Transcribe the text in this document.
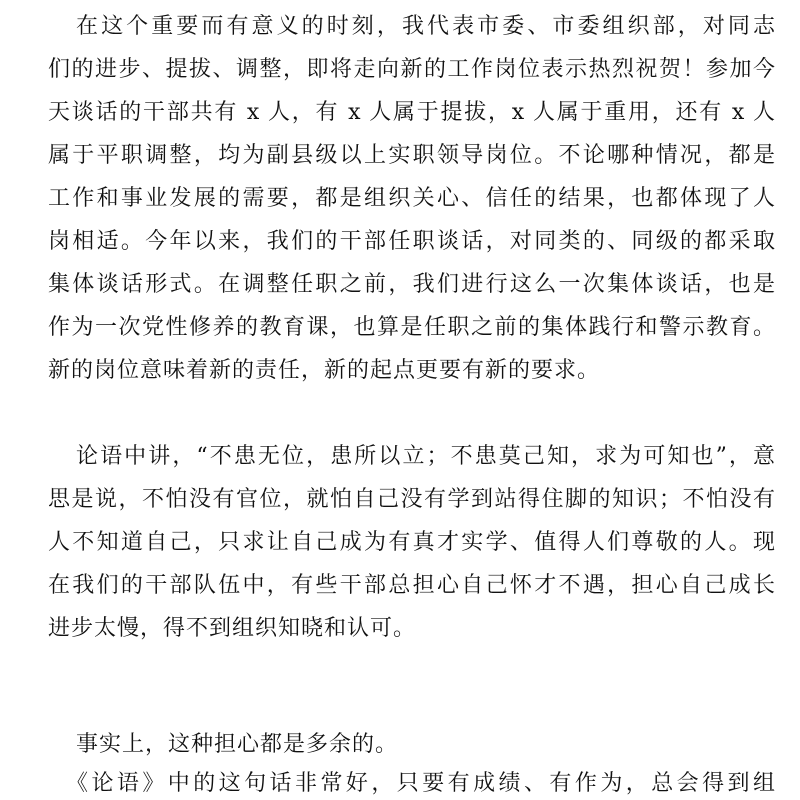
在这个重要而有意义的时刻，我代表市委、市委组织部，对同志
们的进步、提拔、调整，即将走向新的工作岗位表示热烈祝贺！参加今
天谈话的干部共有 x 人，有 x 人属于提拔，x 人属于重用，还有 x 人
属于平职调整，均为副县级以上实职领导岗位。不论哪种情况，都是
工作和事业发展的需要，都是组织关心、信任的结果，也都体现了人
岗相适。今年以来，我们的干部任职谈话，对同类的、同级的都采取
集体谈话形式。在调整任职之前，我们进行这么一次集体谈话，也是
作为一次党性修养的教育课，也算是任职之前的集体践行和警示教育。
新的岗位意味着新的责任，新的起点更要有新的要求。
论语中讲，“不患无位，患所以立；不患莫己知，求为可知也”，意
思是说，不怕没有官位，就怕自己没有学到站得住脚的知识；不怕没有
人不知道自己，只求让自己成为有真才实学、值得人们尊敬的人。现
在我们的干部队伍中，有些干部总担心自己怀才不遇，担心自己成长
进步太慢，得不到组织知晓和认可。
事实上，这种担心都是多余的。
《论语》中的这句话非常好，只要有成绩、有作为，总会得到组
